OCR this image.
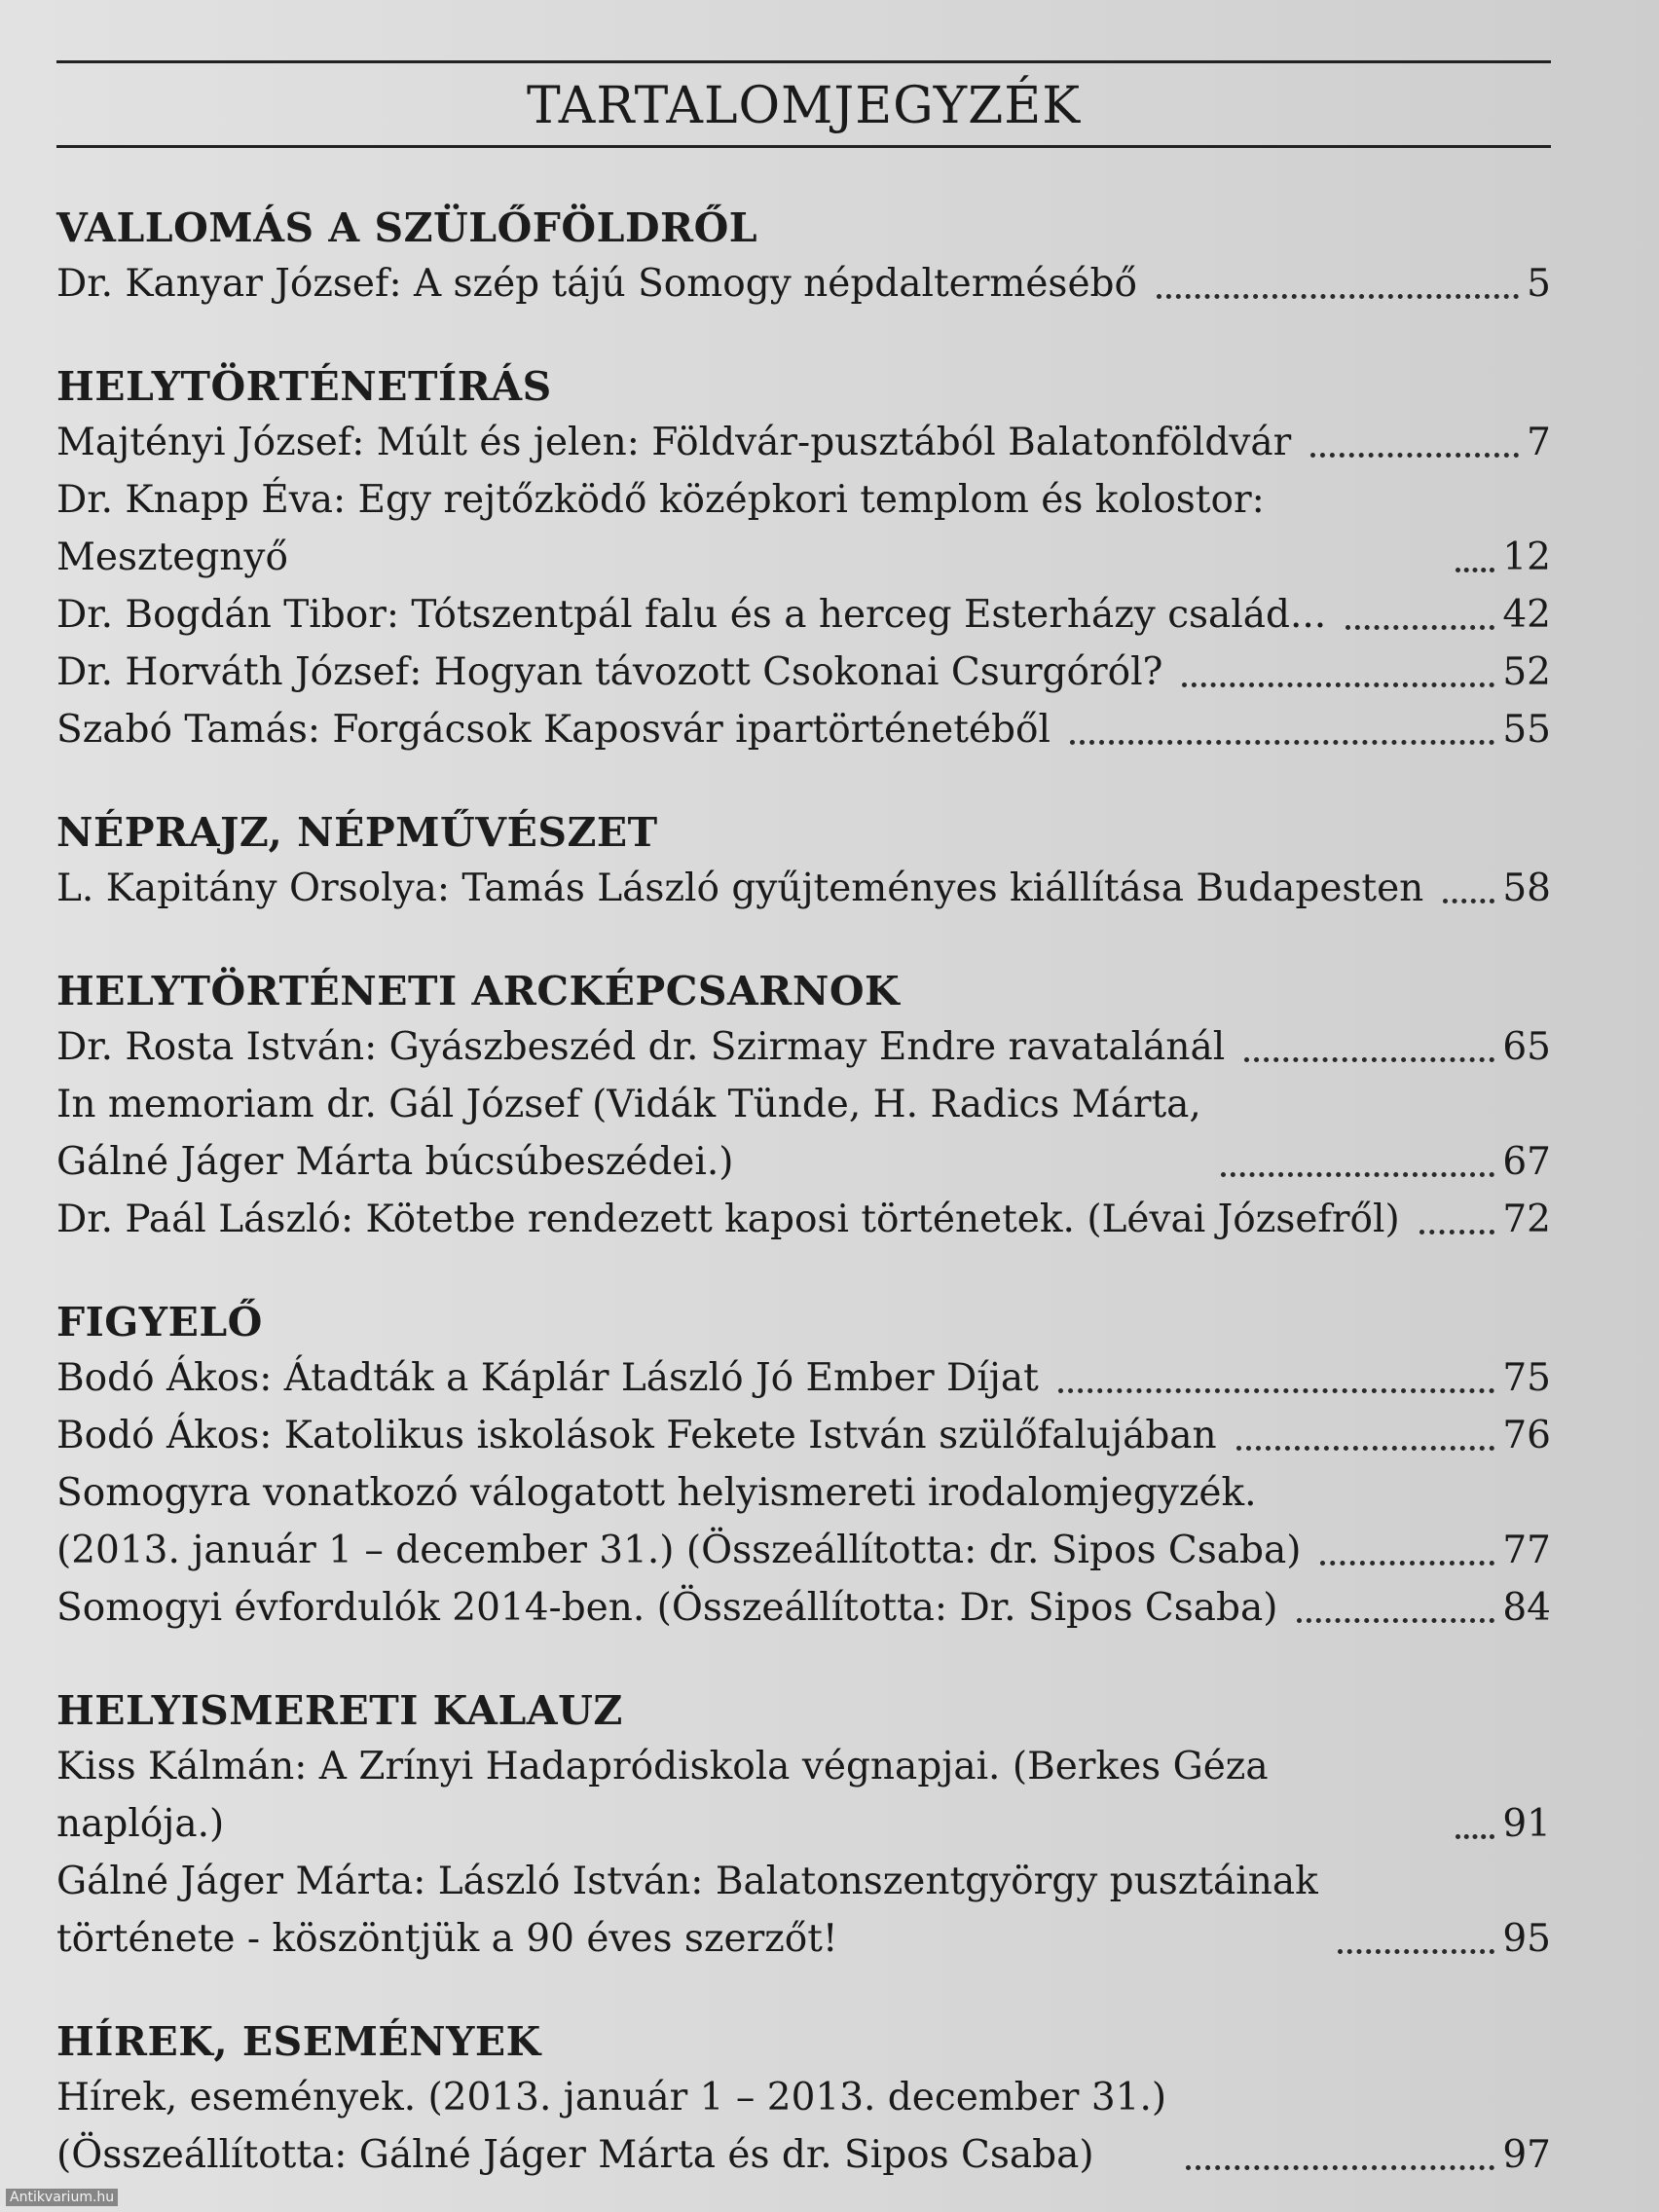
TARTALOMJEGYZÉK
VALLOMÁS A SZÜLŐFÖLDRŐL
Dr. Kanyar József: A szép tájú Somogy népdaltermésébő	5
HELYTÖRTÉNETÍRÁS
Majtényi József: Múlt és jelen: Földvár-pusztából Balatonföldvár	7
Dr. Knapp Éva: Egy rejtőzködő középkori templom és kolostor: Mesztegnyő	12
Dr. Bogdán Tibor: Tótszentpál falu és a herceg Esterházy család...	42
Dr. Horváth József: Hogyan távozott Csokonai Csurgóról?	52
Szabó Tamás: Forgácsok Kaposvár ipartörténetéből	55
NÉPRAJZ, NÉPMŰVÉSZET
L. Kapitány Orsolya: Tamás László gyűjteményes kiállítása Budapesten 58
HELYTÖRTÉNETI ARCKÉPCSARNOK
Dr. Rosta István: Gyászbeszéd dr. Szirmay Endre ravatalánál	65
In memoriam dr. Gál József (Vidák Tünde, H. Radics Márta,
Gálné Jáger Márta búcsúbeszédei.)	67
Dr. Paál László: Kötetbe rendezett kaposi történetek. (Lévai Józsefről)	72
FIGYELŐ
Bodó Ákos: Átadták a Káplár László Jó Ember Díjat	75
Bodó Ákos: Katolikus iskolások Fekete István szülőfalujában	76
Somogyra vonatkozó válogatott helyismereti irodalomjegyzék.
(2013. január 1 – december 31.) (Összeállította: dr. Sipos Csaba)	77
Somogyi évfordulók 2014-ben. (Összeállította: Dr. Sipos Csaba)	84
HELYISMERETI KALAUZ
Kiss Kálmán: A Zrínyi Hadapródiskola végnapjai. (Berkes Géza naplója.)	91
Gálné Jáger Márta: László István: Balatonszentgyörgy pusztáinak
története - köszöntjük a 90 éves szerzőt!	95
HÍREK, ESEMÉNYEK
Hírek, események. (2013. január 1 – 2013. december 31.)
(Összeállította: Gálné Jáger Márta és dr. Sipos Csaba)	97
Antikvarium.hu
